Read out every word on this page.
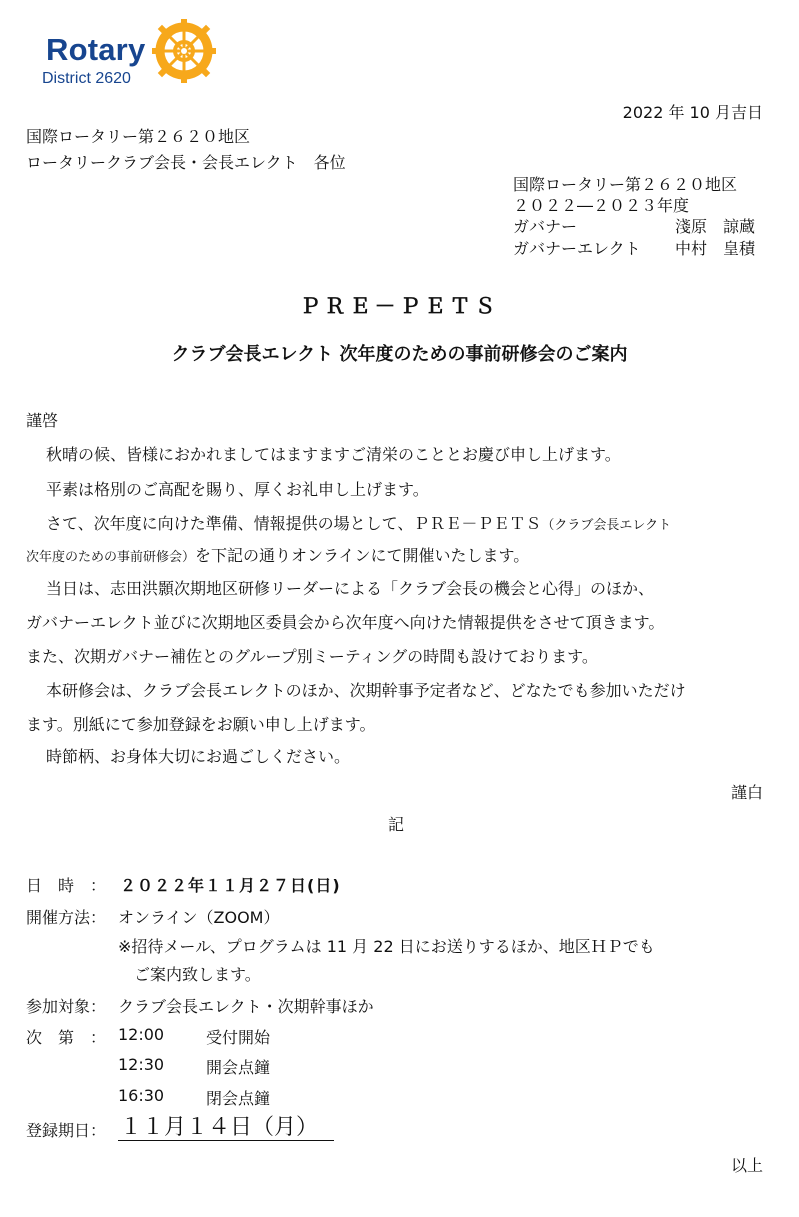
Rotary
District 2620
2022 年 10 月吉日
国際ロータリー第２６２０地区
ロータリークラブ会長・会長エレクト　各位
国際ロータリー第２６２０地区
２０２２―２０２３年度
ガバナー	淺原　諒蔵
ガバナーエレクト 中村　皇積
ＰＲＥ－ＰＥＴＳ
クラブ会長エレクト 次年度のための事前研修会のご案内
謹啓
秋晴の候、皆様におかれましてはますますご清栄のこととお慶び申し上げます。
平素は格別のご高配を賜り、厚くお礼申し上げます。
さて、次年度に向けた準備、情報提供の場として、ＰＲＥ－ＰＥＴＳ（クラブ会長エレクト
次年度のための事前研修会）を下記の通りオンラインにて開催いたします。
当日は、志田洪顥次期地区研修リーダーによる「クラブ会長の機会と心得」のほか、
ガバナーエレクト並びに次期地区委員会から次年度へ向けた情報提供をさせて頂きます。
また、次期ガバナー補佐とのグループ別ミーティングの時間も設けております。
本研修会は、クラブ会長エレクトのほか、次期幹事予定者など、どなたでも参加いただけ
ます。別紙にて参加登録をお願い申し上げます。
時節柄、お身体大切にお過ごしください。
謹白
記
日　時　： ２０２２年１１月２７日(日)
開催方法： オンライン（ZOOM）
※招待メール、プログラムは 11 月 22 日にお送りするほか、地区ＨＰでも
ご案内致します。
参加対象： クラブ会長エレクト・次期幹事ほか
次　第　： 12:00	受付開始
12:30	開会点鐘
16:30	閉会点鐘
登録期日： １１月１４日（月）
以上
